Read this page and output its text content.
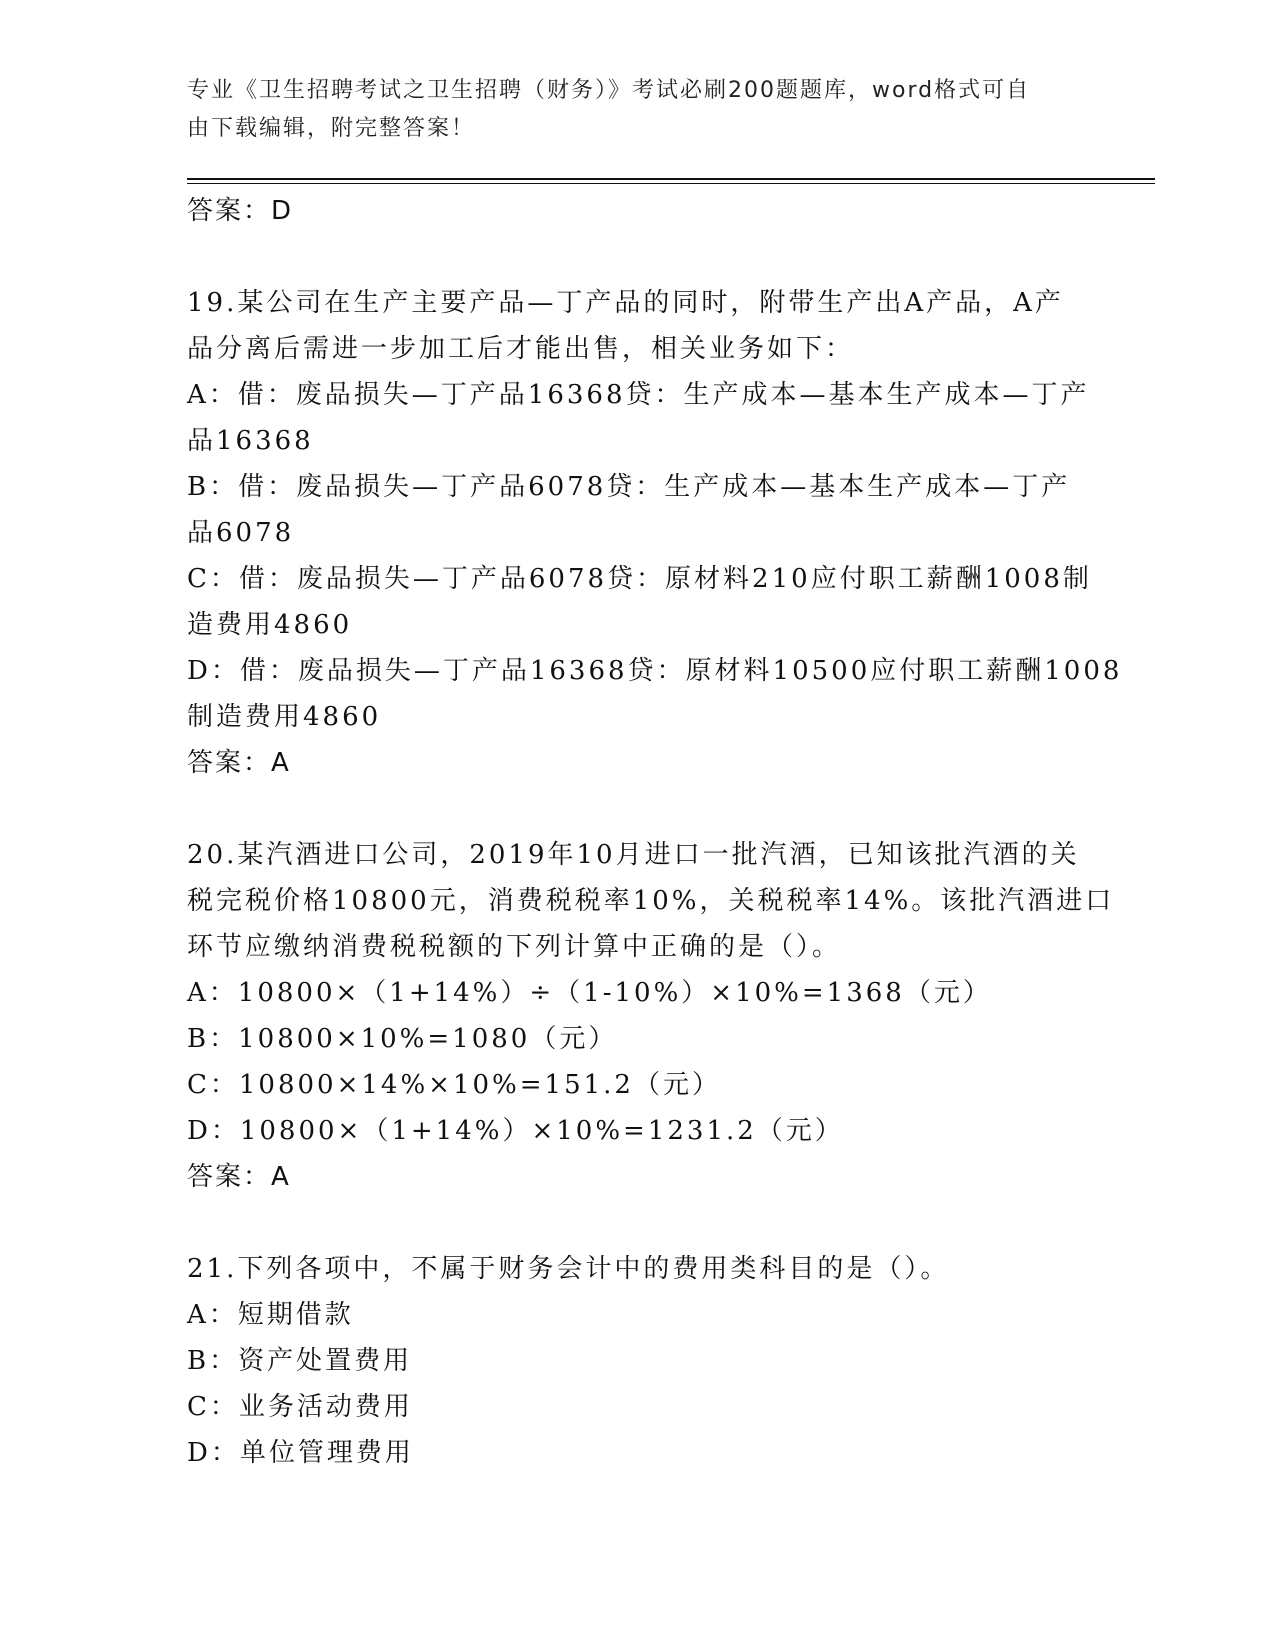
专业《卫生招聘考试之卫生招聘（财务）》考试必刷200题题库，word格式可自
由下载编辑，附完整答案！
答案：D
19.某公司在生产主要产品—丁产品的同时，附带生产出A产品，A产
品分离后需进一步加工后才能出售，相关业务如下：
A：借：废品损失—丁产品16368贷：生产成本—基本生产成本—丁产
品16368
B：借：废品损失—丁产品6078贷：生产成本—基本生产成本—丁产
品6078
C：借：废品损失—丁产品6078贷：原材料210应付职工薪酬1008制
造费用4860
D：借：废品损失—丁产品16368贷：原材料10500应付职工薪酬1008
制造费用4860
答案：A
20.某汽酒进口公司，2019年10月进口一批汽酒，已知该批汽酒的关
税完税价格10800元，消费税税率10%，关税税率14%。该批汽酒进口
环节应缴纳消费税税额的下列计算中正确的是（）。
A：10800×（1+14%）÷（1-10%）×10%=1368（元）
B：10800×10%=1080（元）
C：10800×14%×10%=151.2（元）
D：10800×（1+14%）×10%=1231.2（元）
答案：A
21.下列各项中，不属于财务会计中的费用类科目的是（）。
A：短期借款
B：资产处置费用
C：业务活动费用
D：单位管理费用
